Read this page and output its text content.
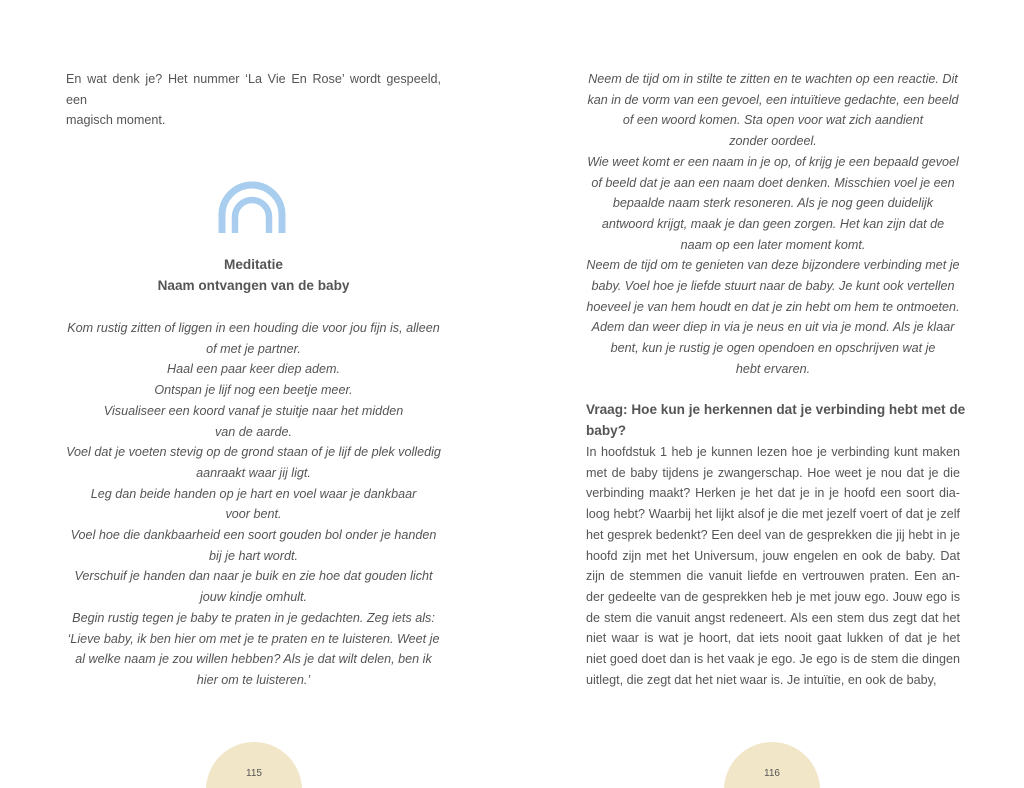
En wat denk je? Het nummer ‘La Vie En Rose’ wordt gespeeld, een
magisch moment.
Meditatie
Naam ontvangen van de baby
Kom rustig zitten of liggen in een houding die voor jou fijn is, alleen
of met je partner.
Haal een paar keer diep adem.
Ontspan je lijf nog een beetje meer.
Visualiseer een koord vanaf je stuitje naar het midden
van de aarde.
Voel dat je voeten stevig op de grond staan of je lijf de plek volledig
aanraakt waar jij ligt.
Leg dan beide handen op je hart en voel waar je dankbaar
voor bent.
Voel hoe die dankbaarheid een soort gouden bol onder je handen
bij je hart wordt.
Verschuif je handen dan naar je buik en zie hoe dat gouden licht
jouw kindje omhult.
Begin rustig tegen je baby te praten in je gedachten. Zeg iets als:
‘Lieve baby, ik ben hier om met je te praten en te luisteren. Weet je
al welke naam je zou willen hebben? Als je dat wilt delen, ben ik
hier om te luisteren.’
115
Neem de tijd om in stilte te zitten en te wachten op een reactie. Dit
kan in de vorm van een gevoel, een intuïtieve gedachte, een beeld
of een woord komen. Sta open voor wat zich aandient
zonder oordeel.
Wie weet komt er een naam in je op, of krijg je een bepaald gevoel
of beeld dat je aan een naam doet denken. Misschien voel je een
bepaalde naam sterk resoneren. Als je nog geen duidelijk
antwoord krijgt, maak je dan geen zorgen. Het kan zijn dat de
naam op een later moment komt.
Neem de tijd om te genieten van deze bijzondere verbinding met je
baby. Voel hoe je liefde stuurt naar de baby. Je kunt ook vertellen
hoeveel je van hem houdt en dat je zin hebt om hem te ontmoeten.
Adem dan weer diep in via je neus en uit via je mond. Als je klaar
bent, kun je rustig je ogen opendoen en opschrijven wat je
hebt ervaren.
Vraag: Hoe kun je herkennen dat je verbinding hebt met de
baby?
In hoofdstuk 1 heb je kunnen lezen hoe je verbinding kunt maken
met de baby tijdens je zwangerschap. Hoe weet je nou dat je die
verbinding maakt? Herken je het dat je in je hoofd een soort dia-
loog hebt? Waarbij het lijkt alsof je die met jezelf voert of dat je zelf
het gesprek bedenkt? Een deel van de gesprekken die jij hebt in je
hoofd zijn met het Universum, jouw engelen en ook de baby. Dat
zijn de stemmen die vanuit liefde en vertrouwen praten. Een an-
der gedeelte van de gesprekken heb je met jouw ego. Jouw ego is
de stem die vanuit angst redeneert. Als een stem dus zegt dat het
niet waar is wat je hoort, dat iets nooit gaat lukken of dat je het
niet goed doet dan is het vaak je ego. Je ego is de stem die dingen
uitlegt, die zegt dat het niet waar is. Je intuïtie, en ook de baby,
116
